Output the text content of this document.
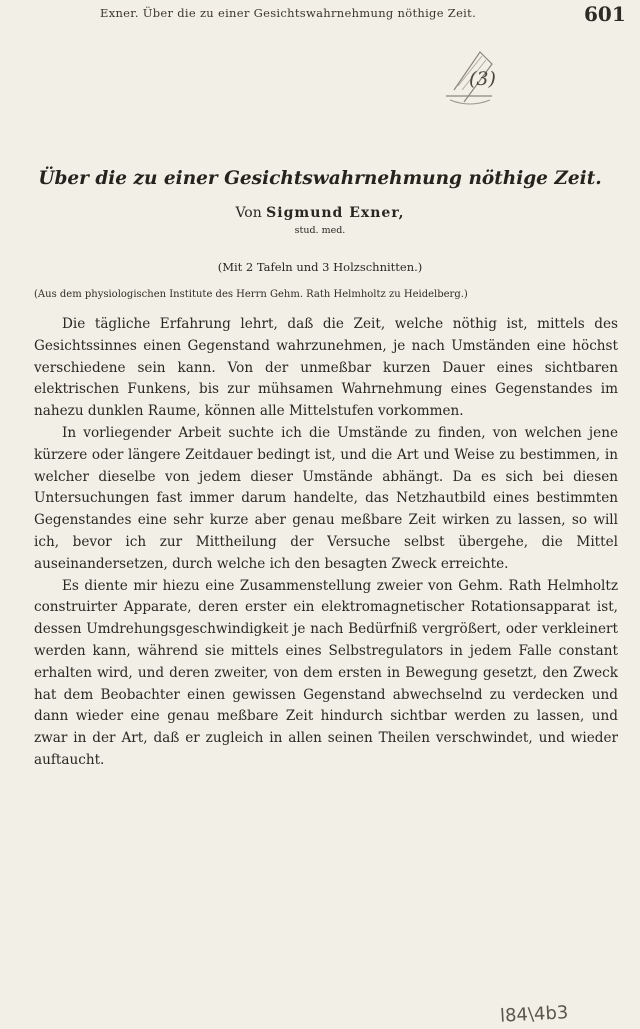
Exner. Über die zu einer Gesichtswahrnehmung nöthige Zeit.	601
(3)
Über die zu einer Gesichtswahrnehmung nöthige Zeit.
Von Sigmund Exner,
stud. med.
(Mit 2 Tafeln und 3 Holzschnitten.)
(Aus dem physiologischen Institute des Herrn Gehm. Rath Helmholtz zu Heidelberg.)

Die tägliche Erfahrung lehrt, daß die Zeit, welche nöthig ist, mittels des Gesichtssinnes einen Gegenstand wahrzunehmen, je nach Umständen eine höchst verschiedene sein kann. Von der unmeßbar kurzen Dauer eines sichtbaren elektrischen Funkens, bis zur mühsamen Wahrnehmung eines Gegenstandes im nahezu dunklen Raume, können alle Mittelstufen vorkommen.

In vorliegender Arbeit suchte ich die Umstände zu finden, von welchen jene kürzere oder längere Zeitdauer bedingt ist, und die Art und Weise zu bestimmen, in welcher dieselbe von jedem dieser Umstände abhängt. Da es sich bei diesen Untersuchungen fast immer darum handelte, das Netzhautbild eines bestimmten Gegenstandes eine sehr kurze aber genau meßbare Zeit wirken zu lassen, so will ich, bevor ich zur Mittheilung der Versuche selbst übergehe, die Mittel auseinandersetzen, durch welche ich den besagten Zweck erreichte.

Es diente mir hiezu eine Zusammenstellung zweier von Gehm. Rath Helmholtz construirter Apparate, deren erster ein elektromagnetischer Rotationsapparat ist, dessen Umdrehungsgeschwindigkeit je nach Bedürfniß vergrößert, oder verkleinert werden kann, während sie mittels eines Selbstregulators in jedem Falle constant erhalten wird, und deren zweiter, von dem ersten in Bewegung gesetzt, den Zweck hat dem Beobachter einen gewissen Gegenstand abwechselnd zu verdecken und dann wieder eine genau meßbare Zeit hindurch sichtbar werden zu lassen, und zwar in der Art, daß er zugleich in allen seinen Theilen verschwindet, und wieder auftaucht.

l84\4b3
